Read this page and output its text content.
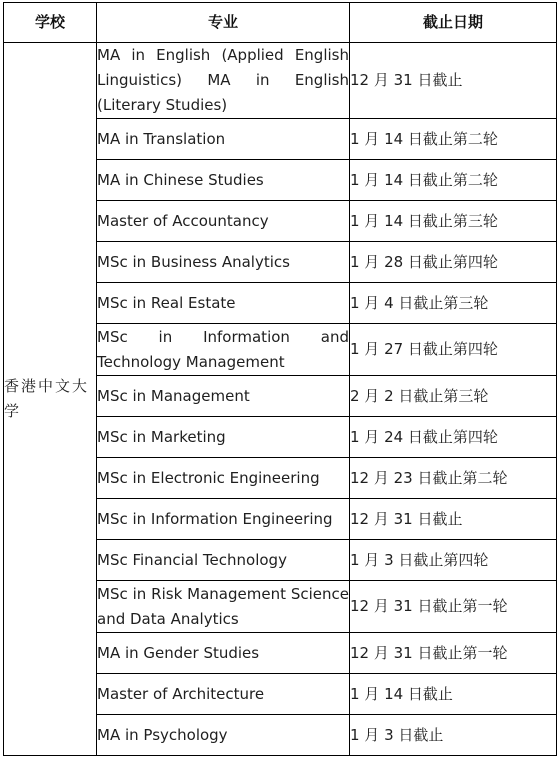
学校	专业	截止日期
香港中文大学	MA in English (Applied English Linguistics) MA in English (Literary Studies)	12 月 31 日截止
	MA in Translation	1 月 14 日截止第二轮
	MA in Chinese Studies	1 月 14 日截止第二轮
	Master of Accountancy	1 月 14 日截止第三轮
	MSc in Business Analytics	1 月 28 日截止第四轮
	MSc in Real Estate	1 月 4 日截止第三轮
	MSc in Information and Technology Management	1 月 27 日截止第四轮
	MSc in Management	2 月 2 日截止第三轮
	MSc in Marketing	1 月 24 日截止第四轮
	MSc in Electronic Engineering	12 月 23 日截止第二轮
	MSc in Information Engineering	12 月 31 日截止
	MSc Financial Technology	1 月 3 日截止第四轮
	MSc in Risk Management Science and Data Analytics	12 月 31 日截止第一轮
	MA in Gender Studies	12 月 31 日截止第一轮
	Master of Architecture	1 月 14 日截止
	MA in Psychology	1 月 3 日截止
